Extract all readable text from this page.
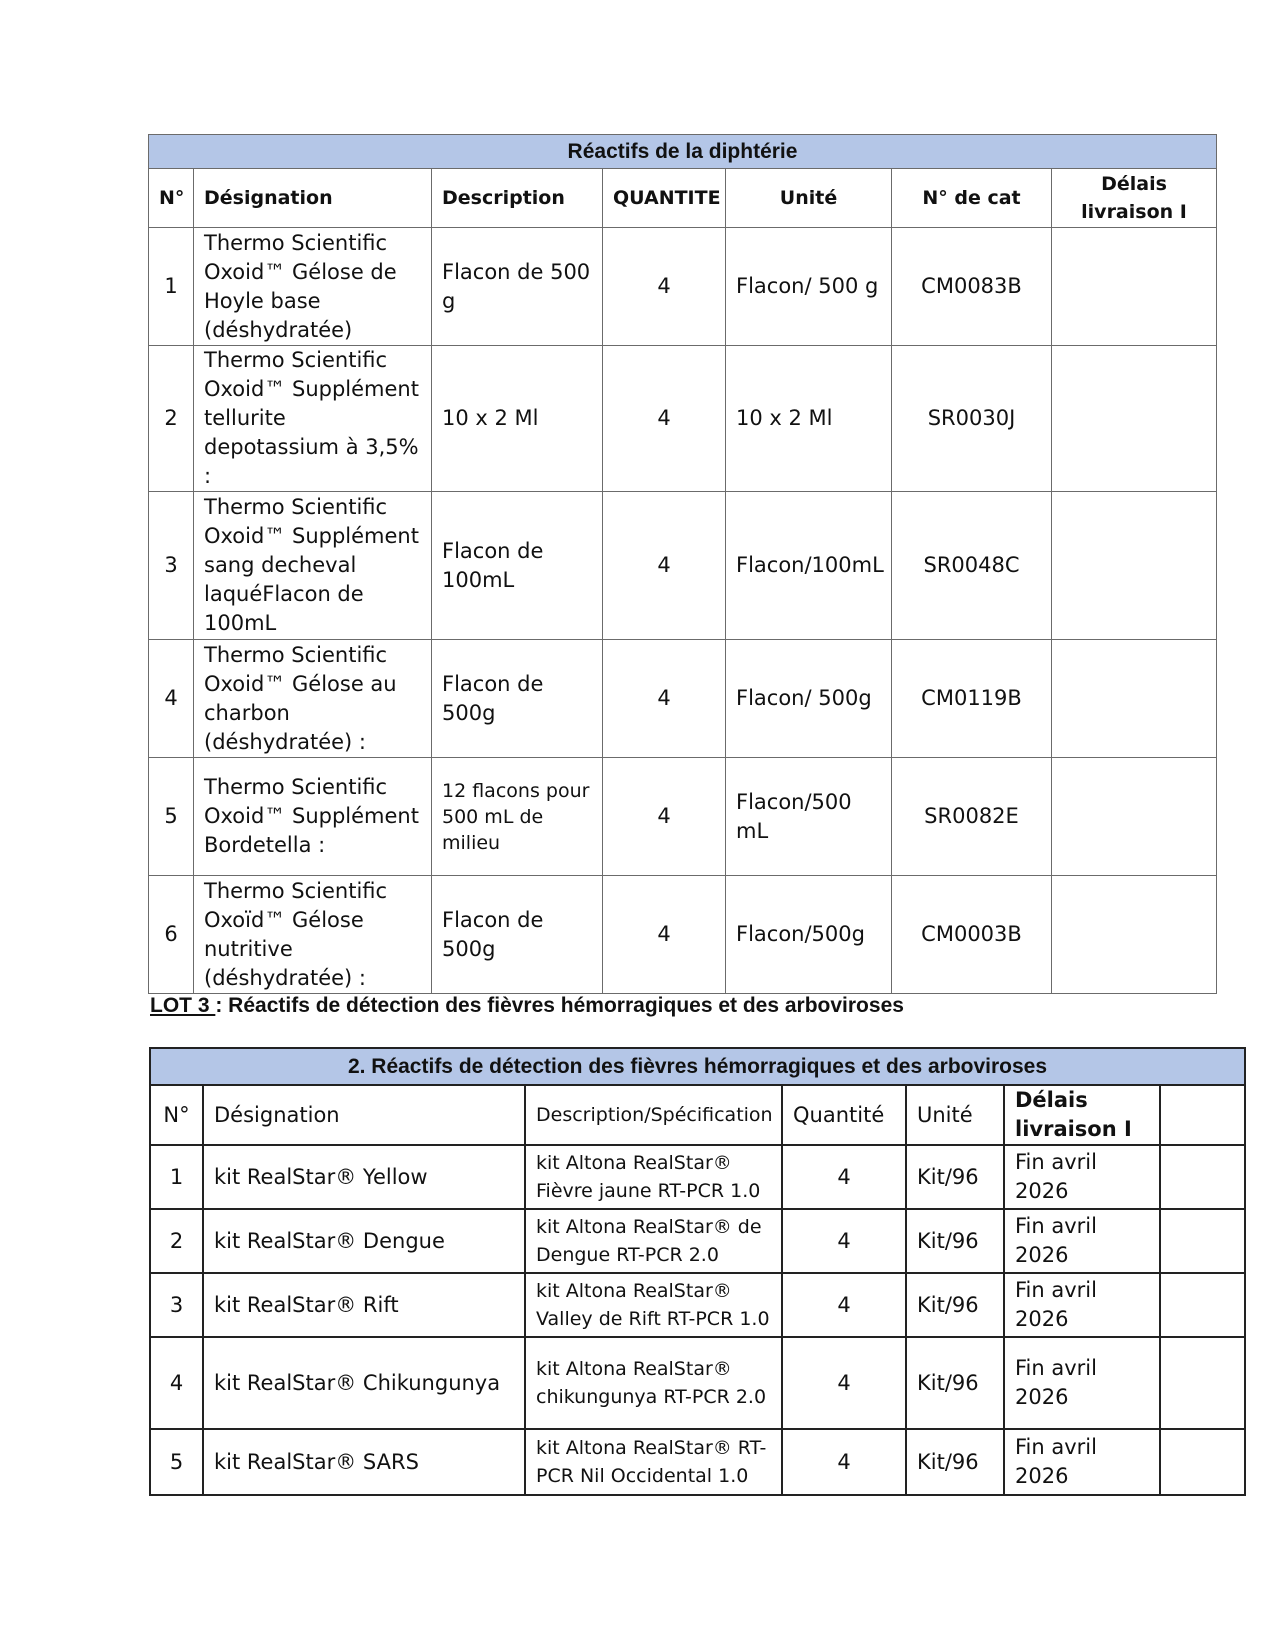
Réactifs de la diphtérie						
N°	Désignation	Description	QUANTITE	Unité	N° de cat	Délais livraison I
1	Thermo Scientific Oxoid™ Gélose de Hoyle base (déshydratée)	Flacon de 500 g	4	Flacon/ 500 g	CM0083B	
2	Thermo Scientific Oxoid™ Supplément tellurite depotassium à 3,5% :	10 x 2 Ml	4	10 x 2 Ml	SR0030J	
3	Thermo Scientific Oxoid™ Supplément sang decheval laquéFlacon de 100mL	Flacon de 100mL	4	Flacon/100mL	SR0048C	
4	Thermo Scientific Oxoid™ Gélose au charbon (déshydratée) :	Flacon de 500g	4	Flacon/ 500g	CM0119B	
5	Thermo Scientific Oxoid™ Supplément Bordetella :	12 flacons pour 500 mL de milieu	4	Flacon/500 mL	SR0082E	
6	Thermo Scientific Oxoïd™ Gélose nutritive (déshydratée) :	Flacon de 500g	4	Flacon/500g	CM0003B	
LOT 3 : Réactifs de détection des fièvres hémorragiques et des arboviroses
2. Réactifs de détection des fièvres hémorragiques et des arboviroses						
N°	Désignation	Description/Spécification	Quantité	Unité	Délais livraison I	
1	kit RealStar® Yellow	kit Altona RealStar® Fièvre jaune RT-PCR 1.0	4	Kit/96	Fin avril 2026	
2	kit RealStar® Dengue	kit Altona RealStar® de Dengue RT-PCR 2.0	4	Kit/96	Fin avril 2026	
3	kit RealStar® Rift	kit Altona RealStar® Valley de Rift RT-PCR 1.0	4	Kit/96	Fin avril 2026	
4	kit RealStar® Chikungunya	kit Altona RealStar® chikungunya RT-PCR 2.0	4	Kit/96	Fin avril 2026	
5	kit RealStar® SARS	kit Altona RealStar® RT-PCR Nil Occidental 1.0	4	Kit/96	Fin avril 2026	
